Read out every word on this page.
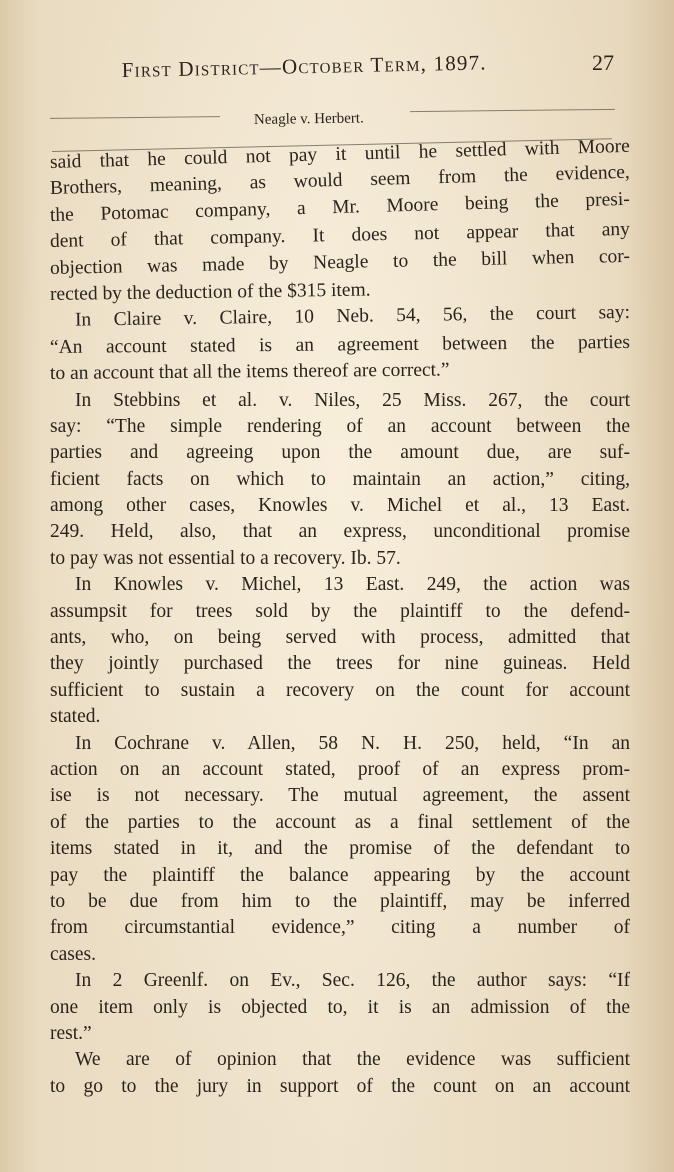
First District—October Term, 1897.	27
Neagle v. Herbert.
said that he could not pay it until he settled with Moore
Brothers, meaning, as would seem from the evidence,
the Potomac company, a Mr. Moore being the presi-
dent of that company. It does not appear that any
objection was made by Neagle to the bill when cor-
rected by the deduction of the $315 item.
In Claire v. Claire, 10 Neb. 54, 56, the court say:
“An account stated is an agreement between the parties
to an account that all the items thereof are correct.”
In Stebbins et al. v. Niles, 25 Miss. 267, the court
say: “The simple rendering of an account between the
parties and agreeing upon the amount due, are suf-
ficient facts on which to maintain an action,” citing,
among other cases, Knowles v. Michel et al., 13 East.
249. Held, also, that an express, unconditional promise
to pay was not essential to a recovery. Ib. 57.
In Knowles v. Michel, 13 East. 249, the action was
assumpsit for trees sold by the plaintiff to the defend-
ants, who, on being served with process, admitted that
they jointly purchased the trees for nine guineas. Held
sufficient to sustain a recovery on the count for account
stated.
In Cochrane v. Allen, 58 N. H. 250, held, “In an
action on an account stated, proof of an express prom-
ise is not necessary. The mutual agreement, the assent
of the parties to the account as a final settlement of the
items stated in it, and the promise of the defendant to
pay the plaintiff the balance appearing by the account
to be due from him to the plaintiff, may be inferred
from circumstantial evidence,” citing a number of
cases.
In 2 Greenlf. on Ev., Sec. 126, the author says: “If
one item only is objected to, it is an admission of the
rest.”
We are of opinion that the evidence was sufficient
to go to the jury in support of the count on an account
